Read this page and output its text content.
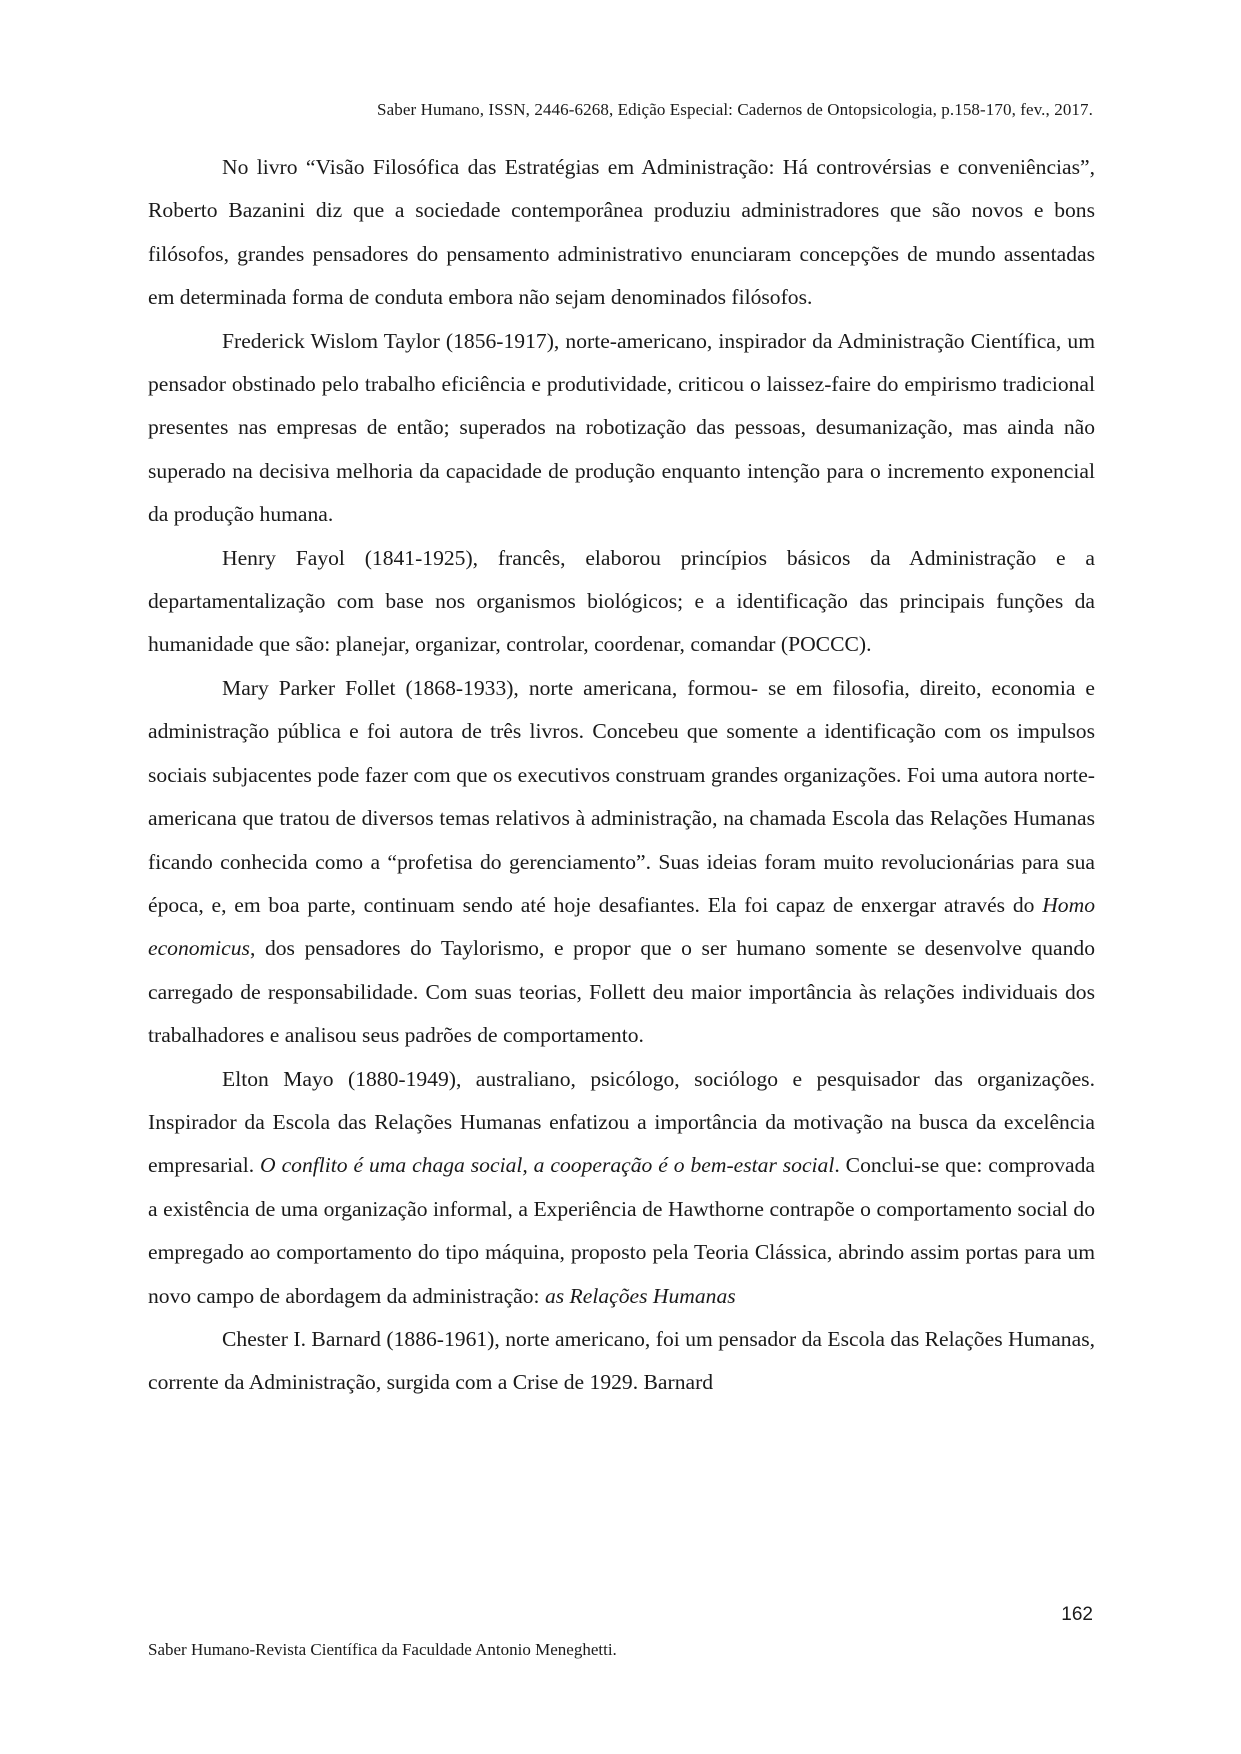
Saber Humano, ISSN, 2446-6268, Edição Especial: Cadernos de Ontopsicologia, p.158-170, fev., 2017.

No livro “Visão Filosófica das Estratégias em Administração: Há controvérsias e conveniências”, Roberto Bazanini diz que a sociedade contemporânea produziu administradores que são novos e bons filósofos, grandes pensadores do pensamento administrativo enunciaram concepções de mundo assentadas em determinada forma de conduta embora não sejam denominados filósofos.

Frederick Wislom Taylor (1856-1917), norte-americano, inspirador da Administração Científica, um pensador obstinado pelo trabalho eficiência e produtividade, criticou o laissez-faire do empirismo tradicional presentes nas empresas de então; superados na robotização das pessoas, desumanização, mas ainda não superado na decisiva melhoria da capacidade de produção enquanto intenção para o incremento exponencial da produção humana.

Henry Fayol (1841-1925), francês, elaborou princípios básicos da Administração e a departamentalização com base nos organismos biológicos; e a identificação das principais funções da humanidade que são: planejar, organizar, controlar, coordenar, comandar (POCCC).

Mary Parker Follet (1868-1933), norte americana, formou- se em filosofia, direito, economia e administração pública e foi autora de três livros. Concebeu que somente a identificação com os impulsos sociais subjacentes pode fazer com que os executivos construam grandes organizações. Foi uma autora norte-americana que tratou de diversos temas relativos à administração, na chamada Escola das Relações Humanas ficando conhecida como a “profetisa do gerenciamento”. Suas ideias foram muito revolucionárias para sua época, e, em boa parte, continuam sendo até hoje desafiantes. Ela foi capaz de enxergar através do Homo economicus, dos pensadores do Taylorismo, e propor que o ser humano somente se desenvolve quando carregado de responsabilidade. Com suas teorias, Follett deu maior importância às relações individuais dos trabalhadores e analisou seus padrões de comportamento.

Elton Mayo (1880-1949), australiano, psicólogo, sociólogo e pesquisador das organizações. Inspirador da Escola das Relações Humanas enfatizou a importância da motivação na busca da excelência empresarial. O conflito é uma chaga social, a cooperação é o bem-estar social. Conclui-se que: comprovada a existência de uma organização informal, a Experiência de Hawthorne contrapõe o comportamento social do empregado ao comportamento do tipo máquina, proposto pela Teoria Clássica, abrindo assim portas para um novo campo de abordagem da administração: as Relações Humanas

Chester I. Barnard (1886-1961), norte americano, foi um pensador da Escola das Relações Humanas, corrente da Administração, surgida com a Crise de 1929. Barnard

162
Saber Humano-Revista Científica da Faculdade Antonio Meneghetti.
